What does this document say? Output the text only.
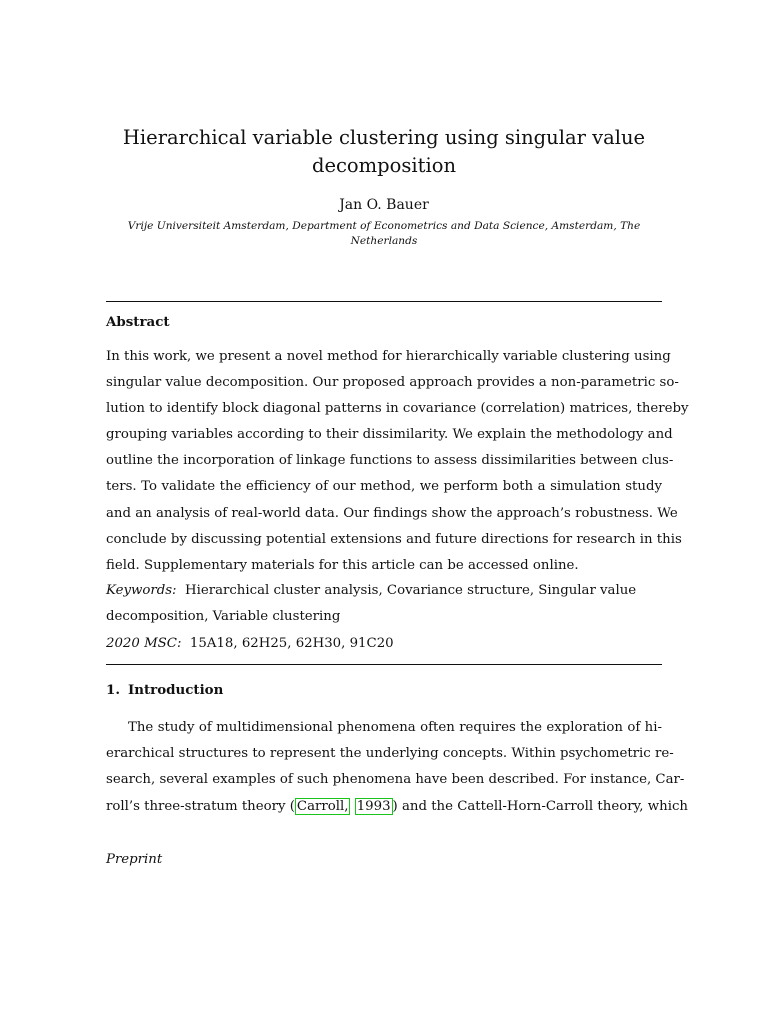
Hierarchical variable clustering using singular value
decomposition
Jan O. Bauer
Vrije Universiteit Amsterdam, Department of Econometrics and Data Science, Amsterdam, The
Netherlands
Abstract
In this work, we present a novel method for hierarchically variable clustering using
singular value decomposition. Our proposed approach provides a non-parametric so-
lution to identify block diagonal patterns in covariance (correlation) matrices, thereby
grouping variables according to their dissimilarity. We explain the methodology and
outline the incorporation of linkage functions to assess dissimilarities between clus-
ters. To validate the efficiency of our method, we perform both a simulation study
and an analysis of real-world data. Our findings show the approach’s robustness. We
conclude by discussing potential extensions and future directions for research in this
field. Supplementary materials for this article can be accessed online.
Keywords: Hierarchical cluster analysis, Covariance structure, Singular value
decomposition, Variable clustering
2020 MSC: 15A18, 62H25, 62H30, 91C20
1. Introduction
The study of multidimensional phenomena often requires the exploration of hi-
erarchical structures to represent the underlying concepts. Within psychometric re-
search, several examples of such phenomena have been described. For instance, Car-
roll’s three-stratum theory ( Carroll, 1993 ) and the Cattell-Horn-Carroll theory, which
Preprint
